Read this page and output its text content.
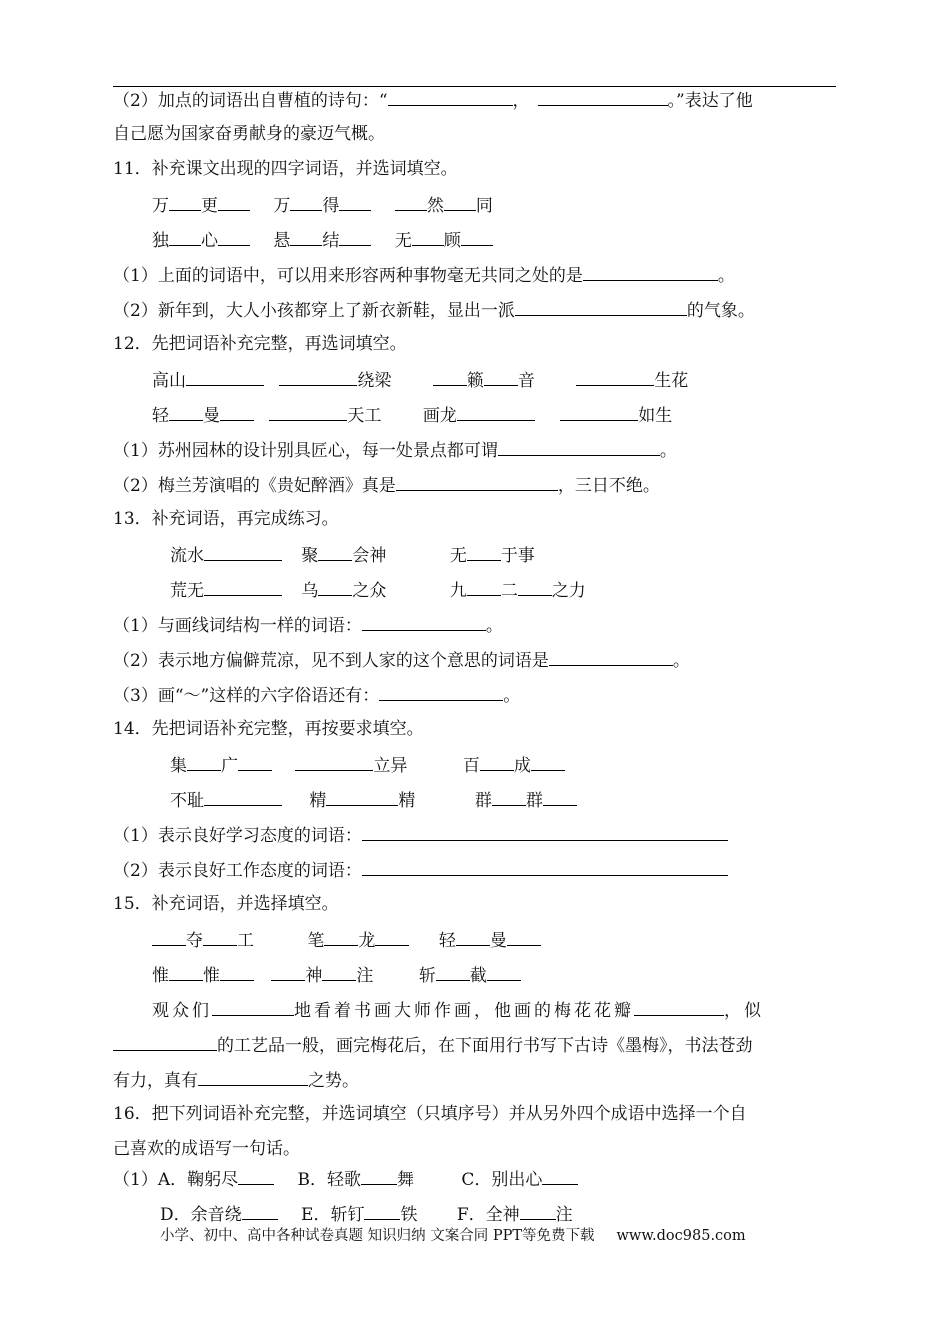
（2）加点的词语出自曹植的诗句：“	，	。”表达了他
自己愿为国家奋勇献身的豪迈气概。
11．补充课文出现的四字词语，并选词填空。
万 更	万 得	然 同
独 心	悬 结	无 顾
（1）上面的词语中，可以用来形容两种事物毫无共同之处的是	。
（2）新年到，大人小孩都穿上了新衣新鞋，显出一派	的气象。
12．先把词语补充完整，再选词填空。
高山	绕梁	籁 音	生花
轻 曼	天工 画龙	如生
（1）苏州园林的设计别具匠心，每一处景点都可谓	。
（2）梅兰芳演唱的《贵妃醉酒》真是	，三日不绝。
13．补充词语，再完成练习。
流水	聚 会神	无 于事
荒无	乌 之众	九 二 之力
（1）与画线词结构一样的词语：	。
（2）表示地方偏僻荒凉，见不到人家的这个意思的词语是	。
（3）画“～”这样的六字俗语还有：	。
14．先把词语补充完整，再按要求填空。
集 广	立异	百 成
不耻	精	精	群 群
（1）表示良好学习态度的词语：
（2）表示良好工作态度的词语：
15．补充词语，并选择填空。
夺 工	笔 龙	轻 曼
惟 惟	神 注	斩 截
观众们	地看着书画大师作画，他画的梅花花瓣	，似
的工艺品一般，画完梅花后，在下面用行书写下古诗《墨梅》，书法苍劲
有力，真有	之势。
16．把下列词语补充完整，并选词填空（只填序号）并从另外四个成语中选择一个自
己喜欢的成语写一句话。
（1）A．鞠躬尽	B．轻歌 舞	C．别出心
D．余音绕	E．斩钉 铁 F．全神 注
小学、初中、高中各种试卷真题 知识归纳 文案合同 PPT等免费下载 www.doc985.com
